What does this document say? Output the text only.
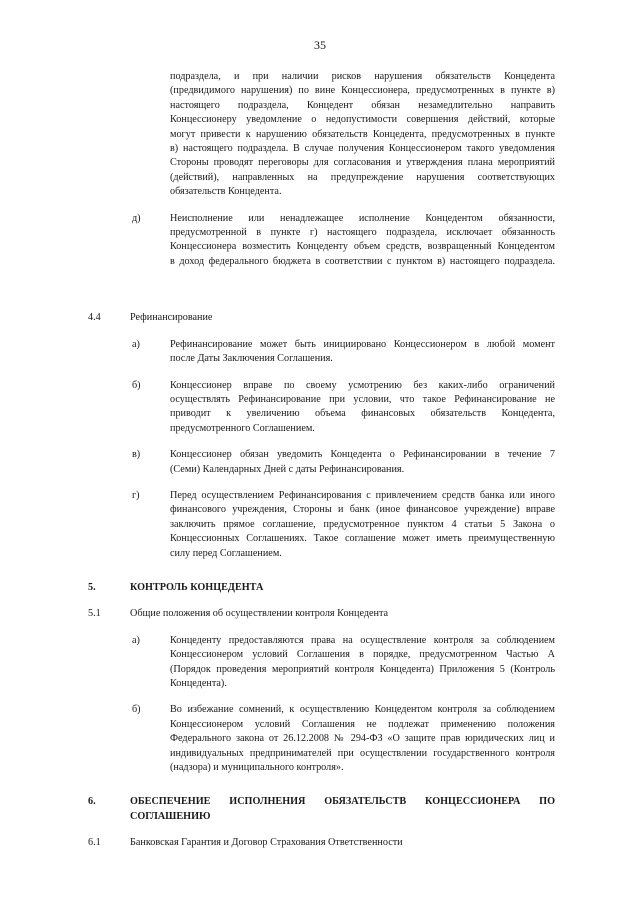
35
подраздела, и при наличии рисков нарушения обязательств Концедента
(предвидимого нарушения) по вине Концессионера, предусмотренных в пункте в)
настоящего подраздела, Концедент обязан незамедлительно направить
Концессионеру уведомление о недопустимости совершения действий, которые
могут привести к нарушению обязательств Концедента, предусмотренных в пункте
в) настоящего подраздела. В случае получения Концессионером такого уведомления
Стороны проводят переговоры для согласования и утверждения плана мероприятий
(действий), направленных на предупреждение нарушения соответствующих
обязательств Концедента.
д)	Неисполнение или ненадлежащее исполнение Концедентом обязанности,
предусмотренной в пункте г) настоящего подраздела, исключает обязанность
Концессионера возместить Концеденту объем средств, возвращенный Концедентом
в доход федерального бюджета в соответствии с пунктом в) настоящего подраздела.
4.4	Рефинансирование
а)	Рефинансирование может быть инициировано Концессионером в любой момент
после Даты Заключения Соглашения.
б)	Концессионер вправе по своему усмотрению без каких-либо ограничений
осуществлять Рефинансирование при условии, что такое Рефинансирование не
приводит к увеличению объема финансовых обязательств Концедента,
предусмотренного Соглашением.
в)	Концессионер обязан уведомить Концедента о Рефинансировании в течение 7
(Семи) Календарных Дней с даты Рефинансирования.
г)	Перед осуществлением Рефинансирования с привлечением средств банка или иного
финансового учреждения, Стороны и банк (иное финансовое учреждение) вправе
заключить прямое соглашение, предусмотренное пунктом 4 статьи 5 Закона о
Концессионных Соглашениях. Такое соглашение может иметь преимущественную
силу перед Соглашением.
5.	КОНТРОЛЬ КОНЦЕДЕНТА
5.1	Общие положения об осуществлении контроля Концедента
а)	Концеденту предоставляются права на осуществление контроля за соблюдением
Концессионером условий Соглашения в порядке, предусмотренном Частью А
(Порядок проведения мероприятий контроля Концедента) Приложения 5 (Контроль
Концедента).
б)	Во избежание сомнений, к осуществлению Концедентом контроля за соблюдением
Концессионером условий Соглашения не подлежат применению положения
Федерального закона от 26.12.2008 № 294-ФЗ «О защите прав юридических лиц и
индивидуальных предпринимателей при осуществлении государственного контроля
(надзора) и муниципального контроля».
6.	ОБЕСПЕЧЕНИЕ ИСПОЛНЕНИЯ ОБЯЗАТЕЛЬСТВ КОНЦЕССИОНЕРА ПО
СОГЛАШЕНИЮ
6.1	Банковская Гарантия и Договор Страхования Ответственности
